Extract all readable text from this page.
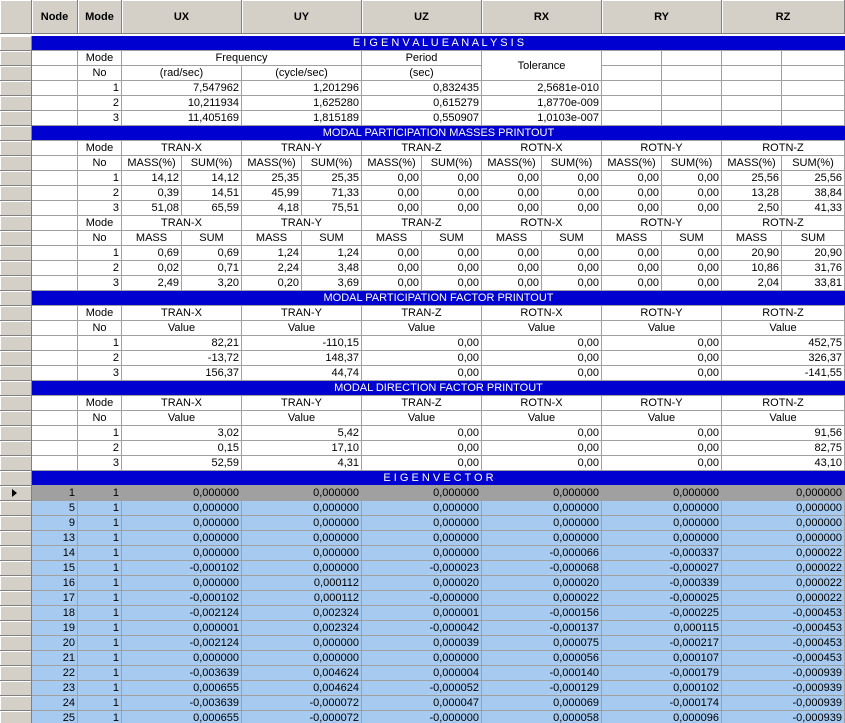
Node	Mode	UX	UY	UZ	RX	RY	RZ
E I G E N V A L U E A N A L Y S I S
Mode	Frequency	Period
Tolerance
No	(rad/sec)	(cycle/sec)	(sec)
1	7,547962	1,201296	0,832435	2,5681e-010
2	10,211934	1,625280	0,615279	1,8770e-009
3	11,405169	1,815189	0,550907	1,0103e-007
MODAL PARTICIPATION MASSES PRINTOUT
Mode	TRAN-X	TRAN-Y	TRAN-Z	ROTN-X	ROTN-Y	ROTN-Z
No	MASS(%)	SUM(%)	MASS(%)	SUM(%)	MASS(%)	SUM(%)	MASS(%)	SUM(%)	MASS(%)	SUM(%)	MASS(%)	SUM(%)
1	14,12	14,12	25,35	25,35	0,00	0,00	0,00	0,00	0,00	0,00	25,56	25,56
2	0,39	14,51	45,99	71,33	0,00	0,00	0,00	0,00	0,00	0,00	13,28	38,84
3	51,08	65,59	4,18	75,51	0,00	0,00	0,00	0,00	0,00	0,00	2,50	41,33
Mode	TRAN-X	TRAN-Y	TRAN-Z	ROTN-X	ROTN-Y	ROTN-Z
No	MASS	SUM	MASS	SUM	MASS	SUM	MASS	SUM	MASS	SUM	MASS	SUM
1	0,69	0,69	1,24	1,24	0,00	0,00	0,00	0,00	0,00	0,00	20,90	20,90
2	0,02	0,71	2,24	3,48	0,00	0,00	0,00	0,00	0,00	0,00	10,86	31,76
3	2,49	3,20	0,20	3,69	0,00	0,00	0,00	0,00	0,00	0,00	2,04	33,81
MODAL PARTICIPATION FACTOR PRINTOUT
Mode	TRAN-X	TRAN-Y	TRAN-Z	ROTN-X	ROTN-Y	ROTN-Z
No	Value	Value	Value	Value	Value	Value
1	82,21	-110,15	0,00	0,00	0,00	452,75
2	-13,72	148,37	0,00	0,00	0,00	326,37
3	156,37	44,74	0,00	0,00	0,00	-141,55
MODAL DIRECTION FACTOR PRINTOUT
Mode	TRAN-X	TRAN-Y	TRAN-Z	ROTN-X	ROTN-Y	ROTN-Z
No	Value	Value	Value	Value	Value	Value
1	3,02	5,42	0,00	0,00	0,00	91,56
2	0,15	17,10	0,00	0,00	0,00	82,75
3	52,59	4,31	0,00	0,00	0,00	43,10
E I G E N V E C T O R
1	1	0,000000	0,000000	0,000000	0,000000	0,000000	0,000000
5	1	0,000000	0,000000	0,000000	0,000000	0,000000	0,000000
9	1	0,000000	0,000000	0,000000	0,000000	0,000000	0,000000
13	1	0,000000	0,000000	0,000000	0,000000	0,000000	0,000000
14	1	0,000000	0,000000	0,000000	-0,000066	-0,000337	0,000022
15	1	-0,000102	0,000000	-0,000023	-0,000068	-0,000027	0,000022
16	1	0,000000	0,000112	0,000020	0,000020	-0,000339	0,000022
17	1	-0,000102	0,000112	-0,000000	0,000022	-0,000025	0,000022
18	1	-0,002124	0,002324	0,000001	-0,000156	-0,000225	-0,000453
19	1	0,000001	0,002324	-0,000042	-0,000137	0,000115	-0,000453
20	1	-0,002124	0,000000	0,000039	0,000075	-0,000217	-0,000453
21	1	0,000000	0,000000	0,000000	0,000056	0,000107	-0,000453
22	1	-0,003639	0,004624	0,000004	-0,000140	-0,000179	-0,000939
23	1	0,000655	0,004624	-0,000052	-0,000129	0,000102	-0,000939
24	1	-0,003639	-0,000072	0,000047	0,000069	-0,000174	-0,000939
25	1	0,000655	-0,000072	-0,000000	0,000058	0,000096	-0,000939
